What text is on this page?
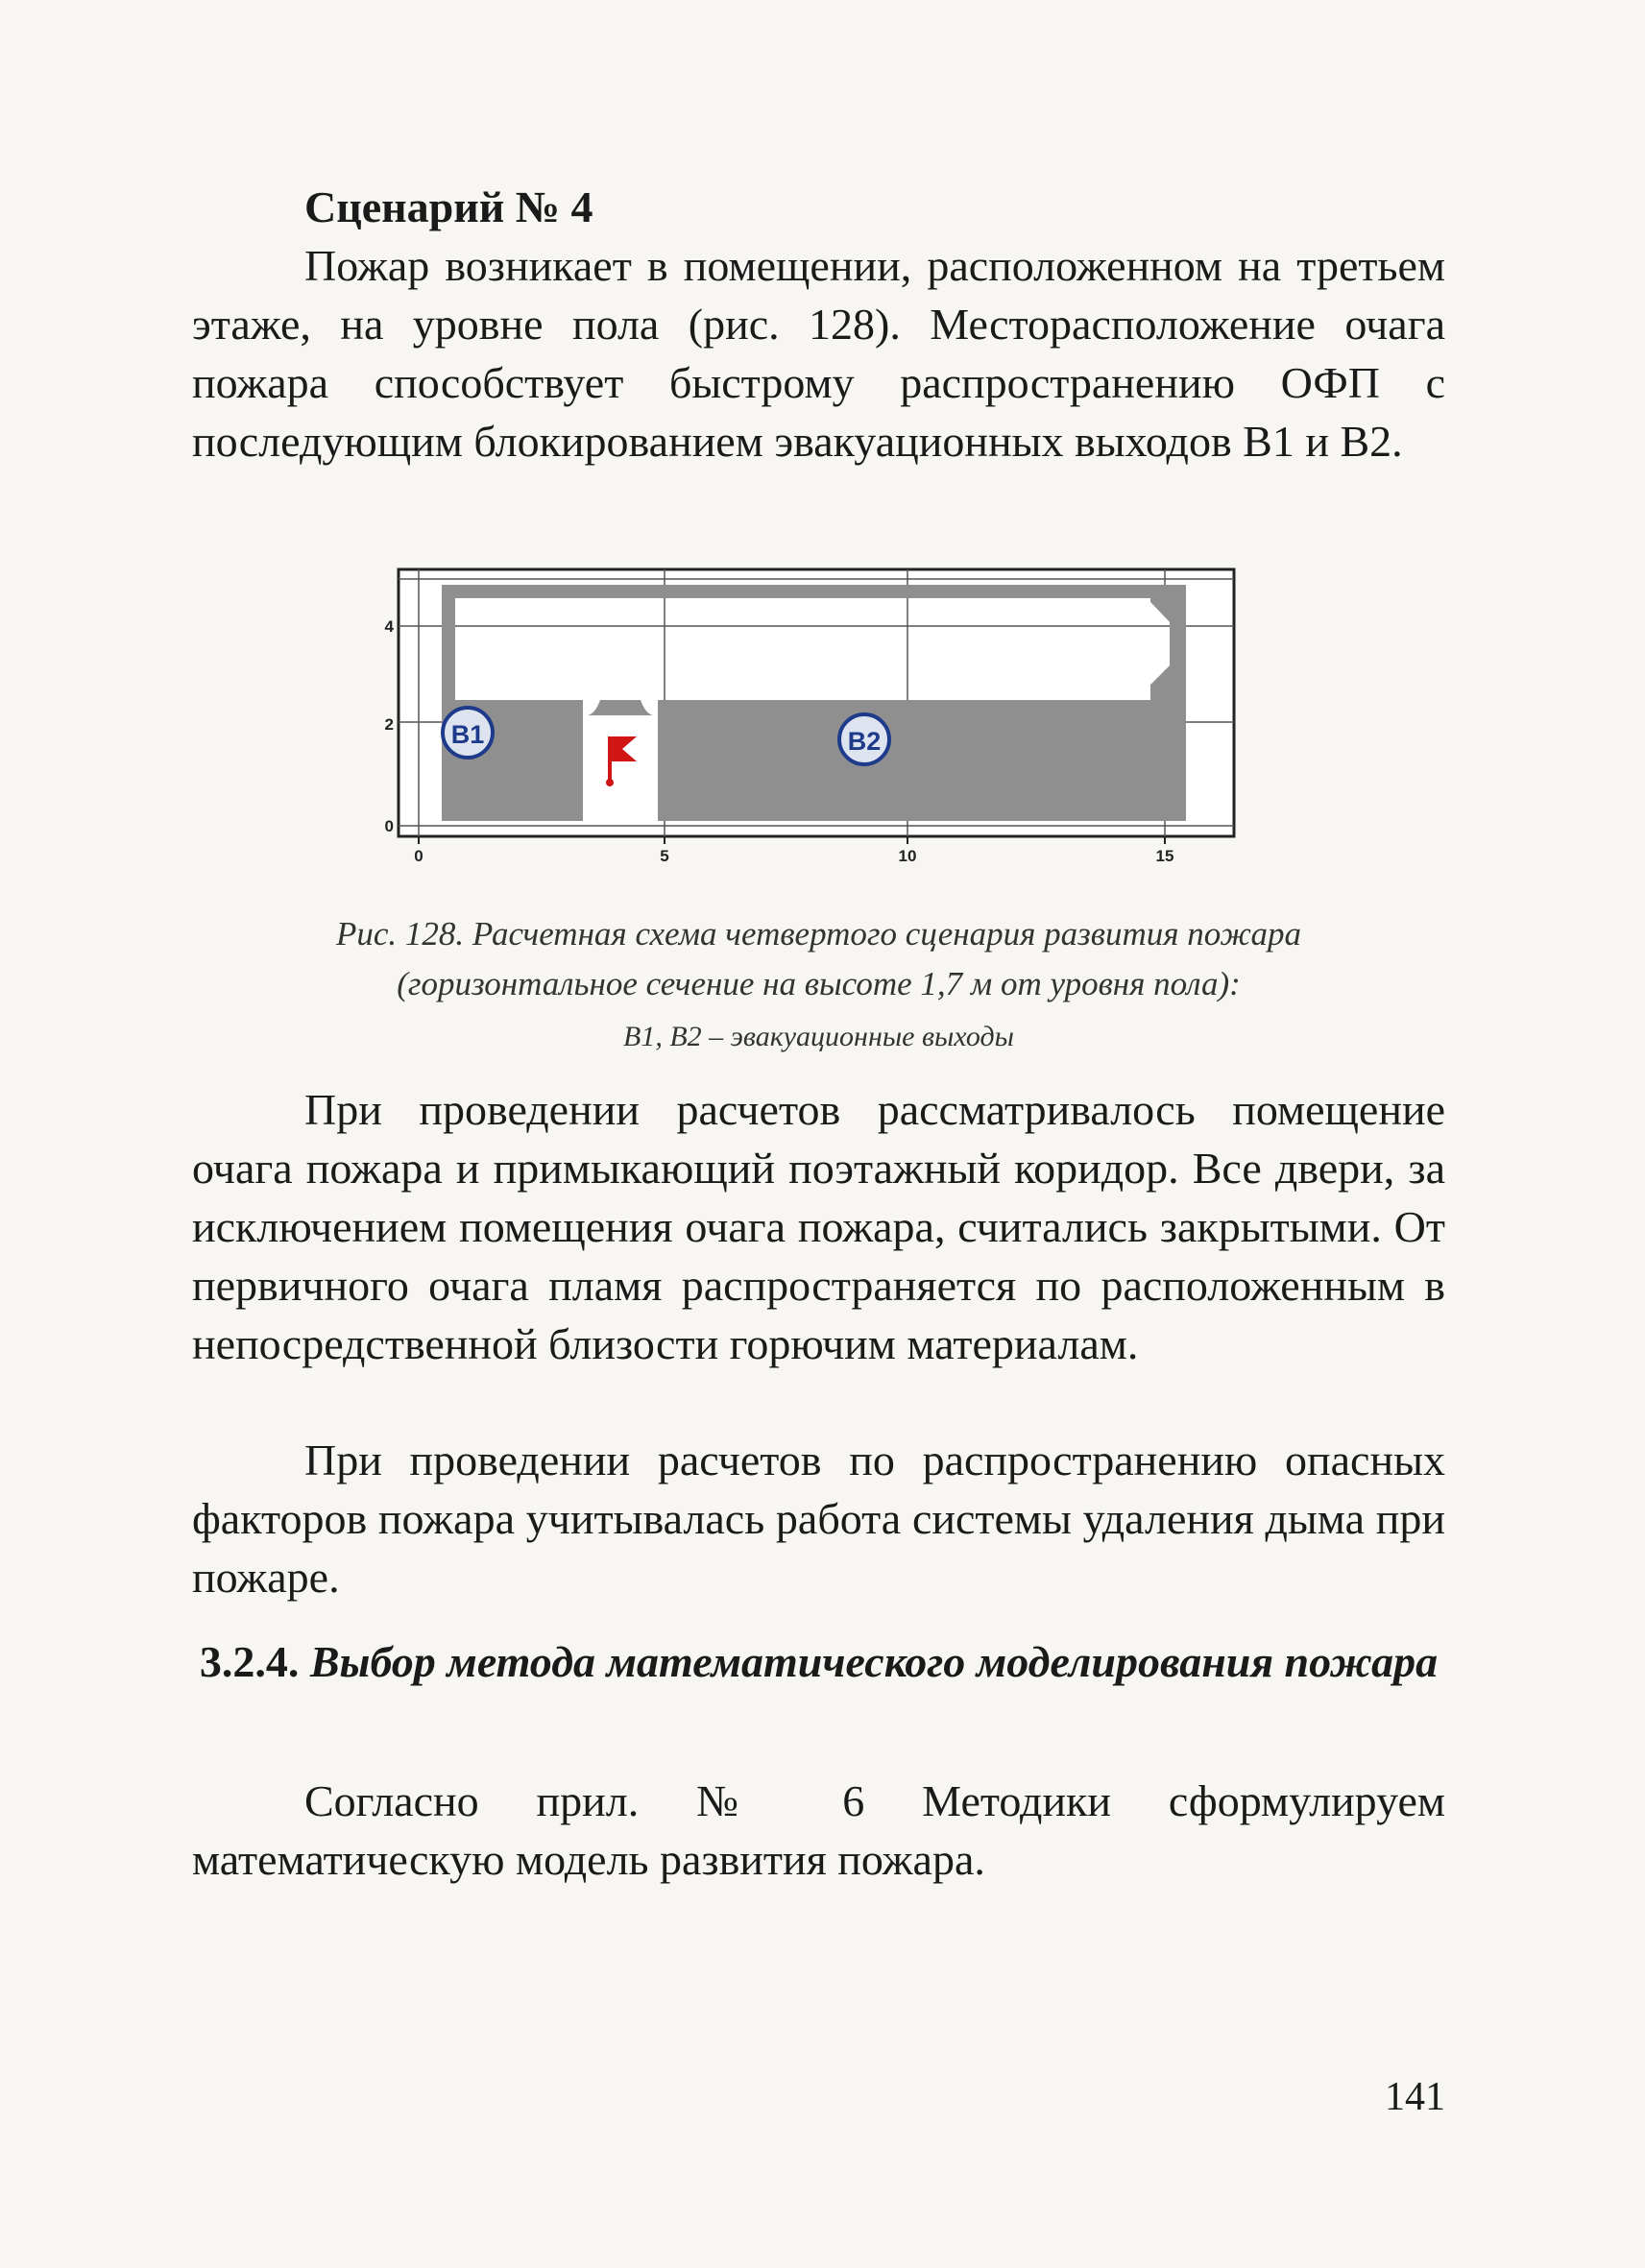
Сценарий № 4

Пожар возникает в помещении, расположенном на третьем этаже, на уровне пола (рис. 128). Месторасположение очага пожара способствует быстрому распространению ОФП с последующим блокированием эвакуационных выходов В1 и В2.

B1	B2
0
2
4
0	5	10	15
Рис. 128. Расчетная схема четвертого сценария развития пожара
(горизонтальное сечение на высоте 1,7 м от уровня пола):
В1, В2 – эвакуационные выходы

При проведении расчетов рассматривалось помещение очага пожара и примыкающий поэтажный коридор. Все двери, за исключением помещения очага пожара, считались закрытыми. От первичного очага пламя распространяется по расположенным в непосредственной близости горючим материалам.

При проведении расчетов по распространению опасных факторов пожара учитывалась работа системы удаления дыма при пожаре.

3.2.4. Выбор метода математического моделирования пожара

Согласно прил. № 6 Методики сформулируем математическую модель развития пожара.

141
